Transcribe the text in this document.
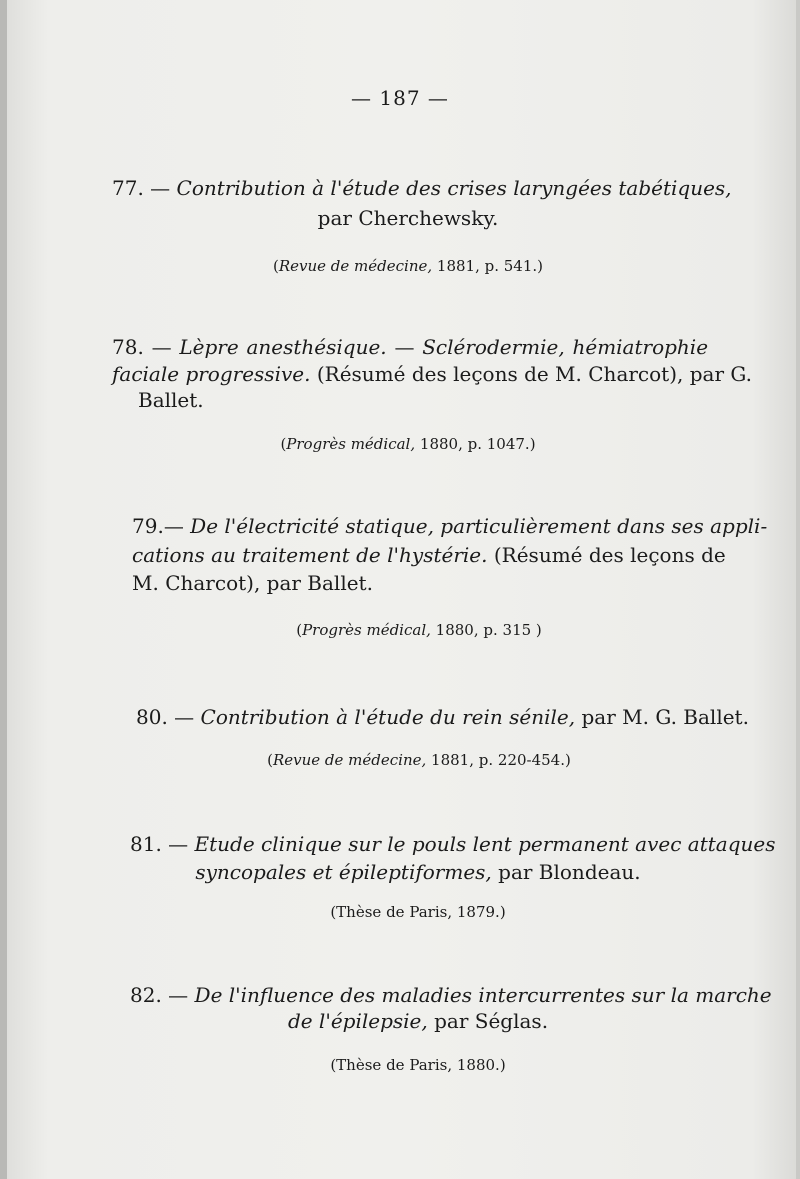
— 187 —
77. — Contribution à l'étude des crises laryngées tabétiques,
par Cherchewsky.
(Revue de médecine, 1881, p. 541.)
78. — Lèpre anesthésique. — Sclérodermie, hémiatrophie
faciale progressive. (Résumé des leçons de M. Charcot), par G.
Ballet.
(Progrès médical, 1880, p. 1047.)
79.— De l'électricité statique, particulièrement dans ses appli-
cations au traitement de l'hystérie. (Résumé des leçons de
M. Charcot), par Ballet.
(Progrès médical, 1880, p. 315 )
80. — Contribution à l'étude du rein sénile, par M. G. Ballet.
(Revue de médecine, 1881, p. 220-454.)
81. — Etude clinique sur le pouls lent permanent avec attaques
syncopales et épileptiformes, par Blondeau.
(Thèse de Paris, 1879.)
82. — De l'influence des maladies intercurrentes sur la marche
de l'épilepsie, par Séglas.
(Thèse de Paris, 1880.)
